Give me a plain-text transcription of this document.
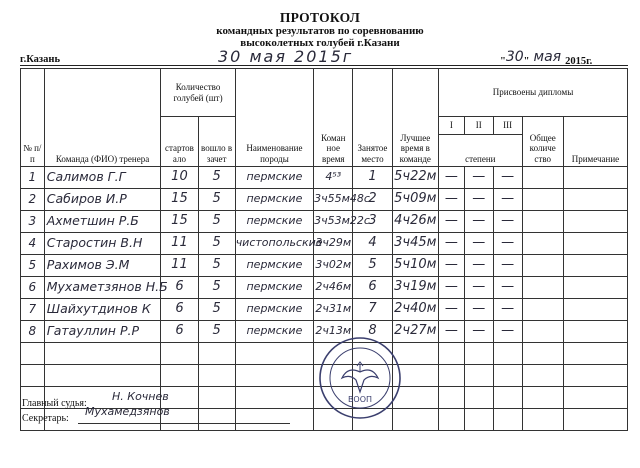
ПРОТОКОЛ
командных результатов по соревнованию
высоколетных голубей г.Казани
г.Казань	30 мая 2015г	"30" мая 2015г.
№ п/п	Команда (ФИО) тренера	Количество голубей (шт)		Наименование породы	Коман ное время	Занятое место	Лучшее время в команде	Присвоены дипломы				
		стартов ало	вошло в зачет					I	II	III	Общее количе ство	Примечание
								степени				
1	Салимов Г.Г	10	5	пермские	4⁵³	1	5ч22м	—	—	—		
2	Сабиров И.Р	15	5	пермские	3ч55м48с	2	5ч09м	—	—	—		
3	Ахметшин Р.Б	15	5	пермские	3ч53м22с	3	4ч26м	—	—	—		
4	Старостин В.Н	11	5	чистопольские	3ч29м	4	3ч45м	—	—	—		
5	Рахимов Э.М	11	5	пермские	3ч02м	5	5ч10м	—	—	—		
6	Мухаметзянов Н.Б	6	5	пермские	2ч46м	6	3ч19м	—	—	—		
7	Шайхутдинов К	6	5	пермские	2ч31м	7	2ч40м	—	—	—		
8	Гатауллин Р.Р	6	5	пермские	2ч13м	8	2ч27м	—	—	—		

Главный судья:
Н. Кочнев
Секретарь:
Мухамедзянов
ВООП
